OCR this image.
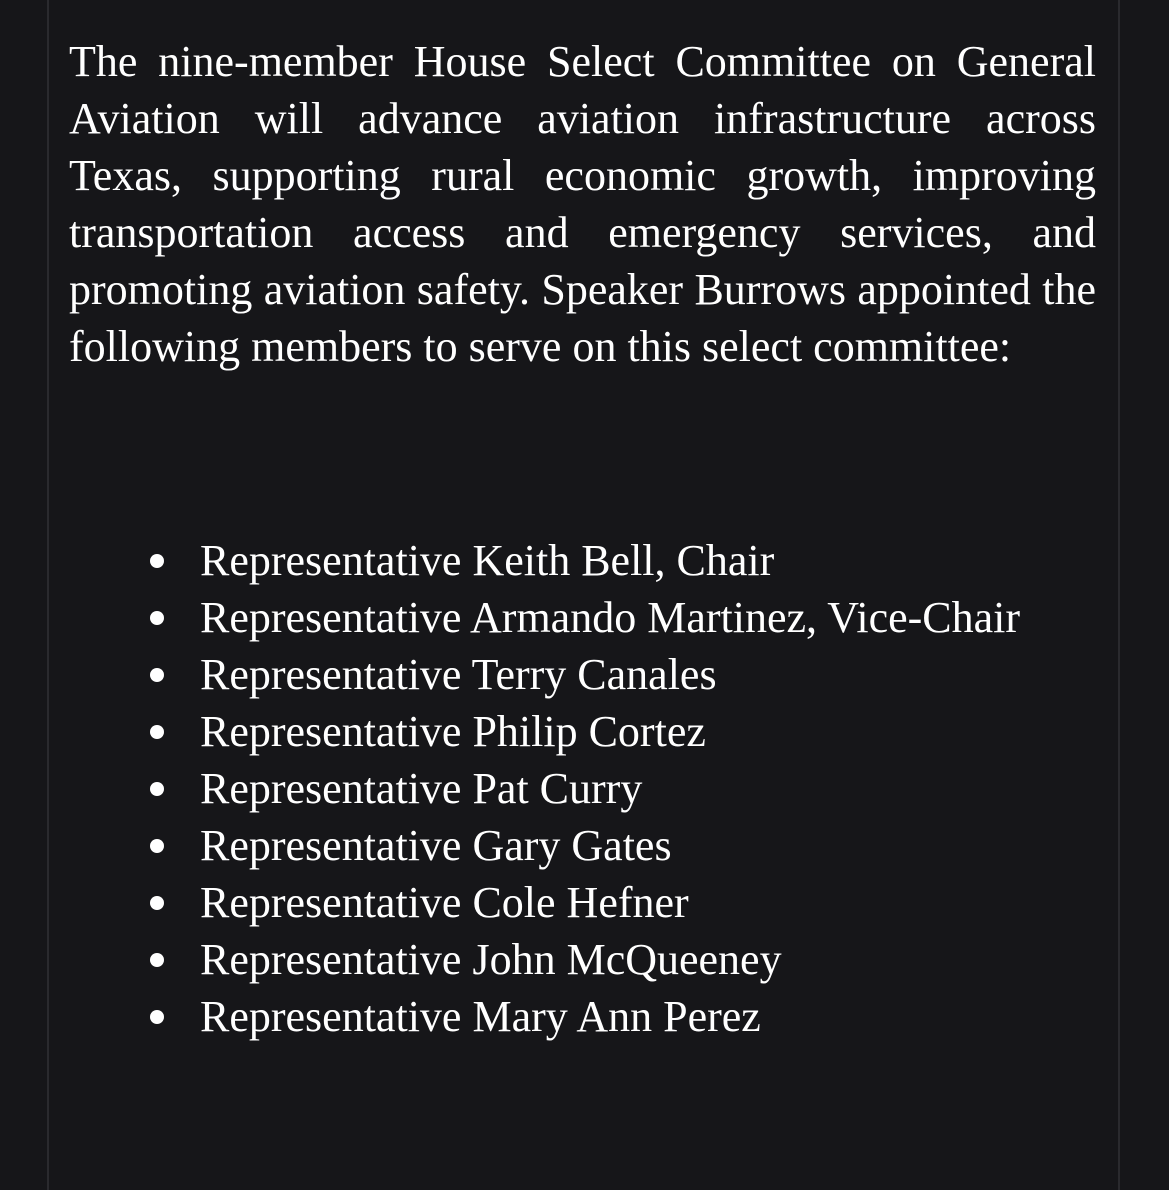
The nine-member House Select Committee on General Aviation will advance aviation infrastructure across Texas, supporting rural economic growth, improving transportation access and emergency services, and promoting aviation safety. Speaker Burrows appointed the following members to serve on this select committee:

Representative Keith Bell, Chair
Representative Armando Martinez, Vice-Chair
Representative Terry Canales
Representative Philip Cortez
Representative Pat Curry
Representative Gary Gates
Representative Cole Hefner
Representative John McQueeney
Representative Mary Ann Perez
